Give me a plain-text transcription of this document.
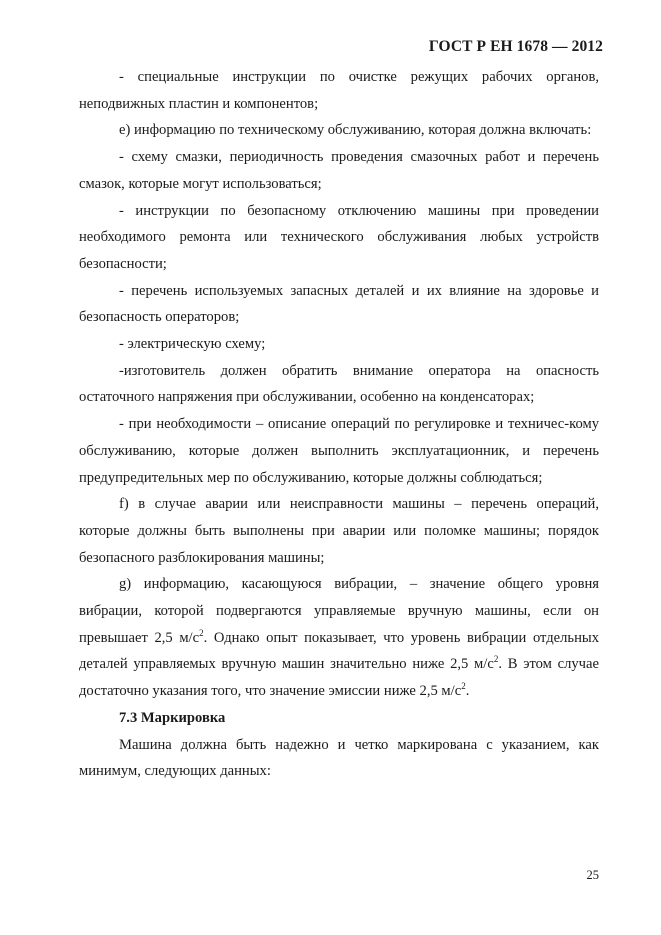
ГОСТ Р ЕН 1678 — 2012

- специальные инструкции по очистке режущих рабочих органов, неподвижных пластин и компонентов;

е) информацию по техническому обслуживанию, которая должна включать:

- схему смазки, периодичность проведения смазочных работ и перечень смазок, которые могут использоваться;

- инструкции по безопасному отключению машины при проведении необходимого ремонта или технического обслуживания любых устройств безопасности;

- перечень используемых запасных деталей и их влияние на здоровье и безопасность операторов;

- электрическую схему;

-изготовитель должен обратить внимание оператора на опасность остаточного напряжения при обслуживании, особенно на конденсаторах;

- при необходимости – описание операций по регулировке и техничес-кому обслуживанию, которые должен выполнить эксплуатационник, и перечень предупредительных мер по обслуживанию, которые должны соблюдаться;

f) в случае аварии или неисправности машины – перечень операций, которые должны быть выполнены при аварии или поломке машины; порядок безопасного разблокирования машины;

g) информацию, касающуюся вибрации, – значение общего уровня вибрации, которой подвергаются управляемые вручную машины, если он превышает 2,5 $м/с^2$. Однако опыт показывает, что уровень вибрации отдельных деталей управляемых вручную машин значительно ниже 2,5 $м/с^2$. В этом случае достаточно указания того, что значение эмиссии ниже 2,5 $м/с^2$.

7.3 Маркировка

Машина должна быть надежно и четко маркирована с указанием, как минимум, следующих данных:

25
